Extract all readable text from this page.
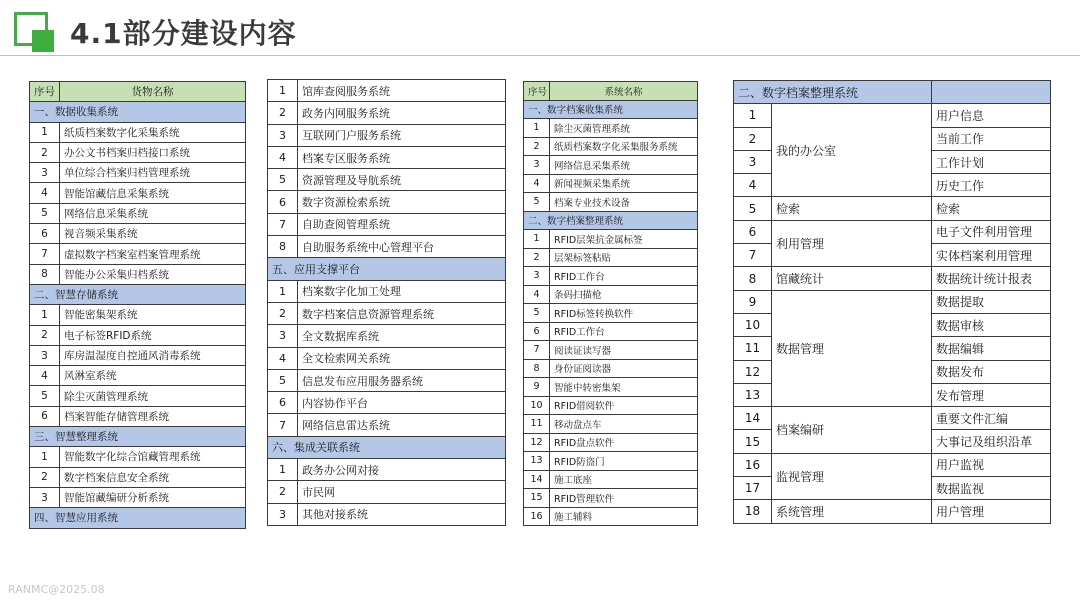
4.1部分建设内容
序号	货物名称
一、数据收集系统	
1	纸质档案数字化采集系统
2	办公文书档案归档接口系统
3	单位综合档案归档管理系统
4	智能馆藏信息采集系统
5	网络信息采集系统
6	视音频采集系统
7	虚拟数字档案室档案管理系统
8	智能办公采集归档系统
二、智慧存储系统	
1	智能密集架系统
2	电子标签RFID系统
3	库房温湿度自控通风消毒系统
4	风淋室系统
5	除尘灭菌管理系统
6	档案智能存储管理系统
三、智慧整理系统	
1	智能数字化综合馆藏管理系统
2	数字档案信息安全系统
3	智能馆藏编研分析系统
四、智慧应用系统	
1	馆库查阅服务系统
2	政务内网服务系统
3	互联网门户服务系统
4	档案专区服务系统
5	资源管理及导航系统
6	数字资源检索系统
7	自助查阅管理系统
8	自助服务系统中心管理平台
五、应用支撑平台	
1	档案数字化加工处理
2	数字档案信息资源管理系统
3	全文数据库系统
4	全文检索网关系统
5	信息发布应用服务器系统
6	内容协作平台
7	网络信息雷达系统
六、集成关联系统	
1	政务办公网对接
2	市民网
3	其他对接系统
序号	系统名称
一、数字档案收集系统	
1	除尘灭菌管理系统
2	纸质档案数字化采集服务系统
3	网络信息采集系统
4	新闻视频采集系统
5	档案专业技术设备
二、数字档案整理系统	
1	RFID层架抗金属标签
2	层架标签粘贴
3	RFID工作台
4	条码扫描枪
5	RFID标签转换软件
6	RFID工作台
7	阅读证读写器
8	身份证阅读器
9	智能中转密集架
10	RFID借阅软件
11	移动盘点车
12	RFID盘点软件
13	RFID防盗门
14	施工底座
15	RFID管理软件
16	施工辅料
二、数字档案整理系统		
1	我的办公室	用户信息
2		当前工作
3		工作计划
4		历史工作
5	检索	检索
6	利用管理	电子文件利用管理
7		实体档案利用管理
8	馆藏统计	数据统计统计报表
9	数据管理	数据提取
10		数据审核
11		数据编辑
12		数据发布
13		发布管理
14	档案编研	重要文件汇编
15		大事记及组织沿革
16	监视管理	用户监视
17		数据监视
18	系统管理	用户管理
RANMC@2025.08
